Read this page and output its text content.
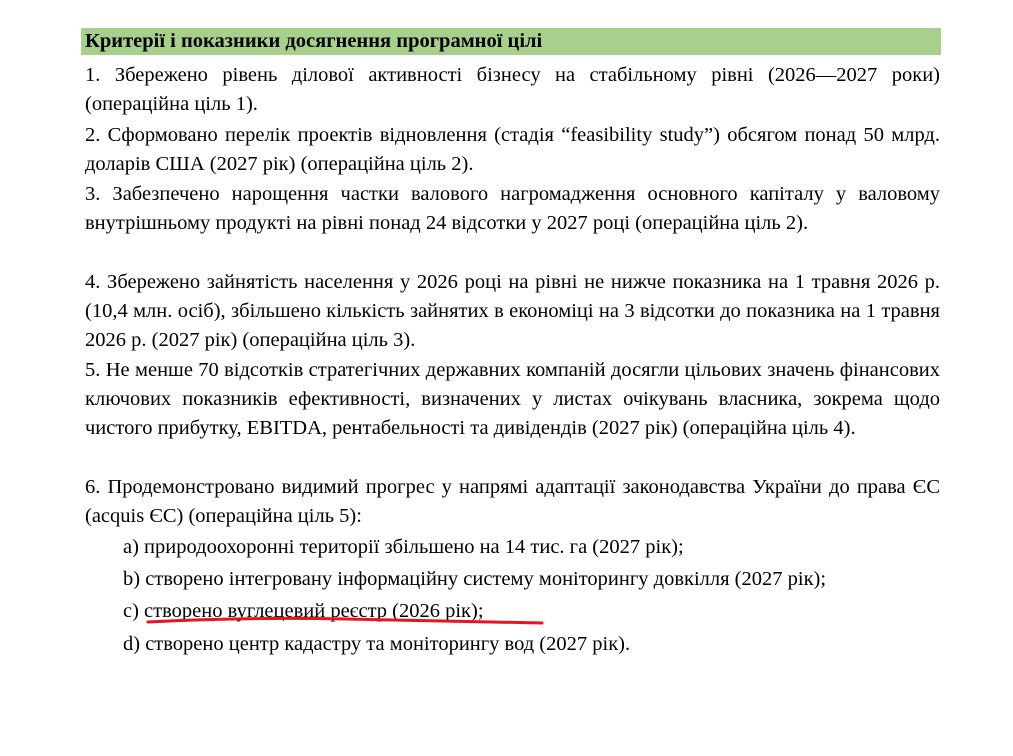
Критерії і показники досягнення програмної цілі
1. Збережено рівень ділової активності бізнесу на стабільному рівні (2026—2027 роки) (операційна ціль 1).
2. Сформовано перелік проектів відновлення (стадія “feasibility study”) обсягом понад 50 млрд. доларів США (2027 рік) (операційна ціль 2).
3. Забезпечено нарощення частки валового нагромадження основного капіталу у валовому внутрішньому продукті на рівні понад 24 відсотки у 2027 році (операційна ціль 2).
4. Збережено зайнятість населення у 2026 році на рівні не нижче показника на 1 травня 2026 р. (10,4 млн. осіб), збільшено кількість зайнятих в економіці на 3 відсотки до показника на 1 травня 2026 р. (2027 рік) (операційна ціль 3).
5. Не менше 70 відсотків стратегічних державних компаній досягли цільових значень фінансових ключових показників ефективності, визначених у листах очікувань власника, зокрема щодо чистого прибутку, EBITDA, рентабельності та дивідендів (2027 рік) (операційна ціль 4).
6. Продемонстровано видимий прогрес у напрямі адаптації законодавства України до права ЄС (acquis ЄС) (операційна ціль 5):
a) природоохоронні території збільшено на 14 тис. га (2027 рік);
b) створено інтегровану інформаційну систему моніторингу довкілля (2027 рік);
c) створено вуглецевий реєстр (2026 рік);
d) створено центр кадастру та моніторингу вод (2027 рік).
